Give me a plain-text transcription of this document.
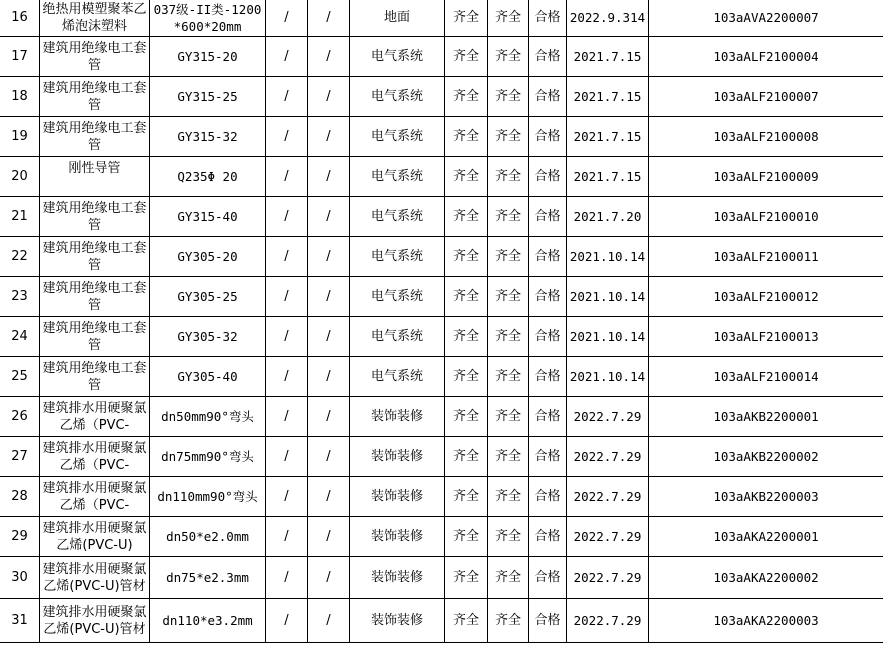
16	绝热用模塑聚苯乙烯泡沫塑料	037级-II类-1200*600*20mm	/	/	地面	齐全	齐全	合格	2022.9.314	103aAVA2200007
17	建筑用绝缘电工套管	GY315-20	/	/	电气系统	齐全	齐全	合格	2021.7.15	103aALF2100004
18	建筑用绝缘电工套管	GY315-25	/	/	电气系统	齐全	齐全	合格	2021.7.15	103aALF2100007
19	建筑用绝缘电工套管	GY315-32	/	/	电气系统	齐全	齐全	合格	2021.7.15	103aALF2100008
20	刚性导管	Q235Φ 20	/	/	电气系统	齐全	齐全	合格	2021.7.15	103aALF2100009
21	建筑用绝缘电工套管	GY315-40	/	/	电气系统	齐全	齐全	合格	2021.7.20	103aALF2100010
22	建筑用绝缘电工套管	GY305-20	/	/	电气系统	齐全	齐全	合格	2021.10.14	103aALF2100011
23	建筑用绝缘电工套管	GY305-25	/	/	电气系统	齐全	齐全	合格	2021.10.14	103aALF2100012
24	建筑用绝缘电工套管	GY305-32	/	/	电气系统	齐全	齐全	合格	2021.10.14	103aALF2100013
25	建筑用绝缘电工套管	GY305-40	/	/	电气系统	齐全	齐全	合格	2021.10.14	103aALF2100014
26	建筑排水用硬聚氯乙烯（PVC-	dn50mm90°弯头	/	/	装饰装修	齐全	齐全	合格	2022.7.29	103aAKB2200001
27	建筑排水用硬聚氯乙烯（PVC-	dn75mm90°弯头	/	/	装饰装修	齐全	齐全	合格	2022.7.29	103aAKB2200002
28	建筑排水用硬聚氯乙烯（PVC-	dn110mm90°弯头	/	/	装饰装修	齐全	齐全	合格	2022.7.29	103aAKB2200003
29	建筑排水用硬聚氯乙烯(PVC-U)	dn50*e2.0mm	/	/	装饰装修	齐全	齐全	合格	2022.7.29	103aAKA2200001
30	建筑排水用硬聚氯乙烯(PVC-U)管材	dn75*e2.3mm	/	/	装饰装修	齐全	齐全	合格	2022.7.29	103aAKA2200002
31	建筑排水用硬聚氯乙烯(PVC-U)管材	dn110*e3.2mm	/	/	装饰装修	齐全	齐全	合格	2022.7.29	103aAKA2200003
